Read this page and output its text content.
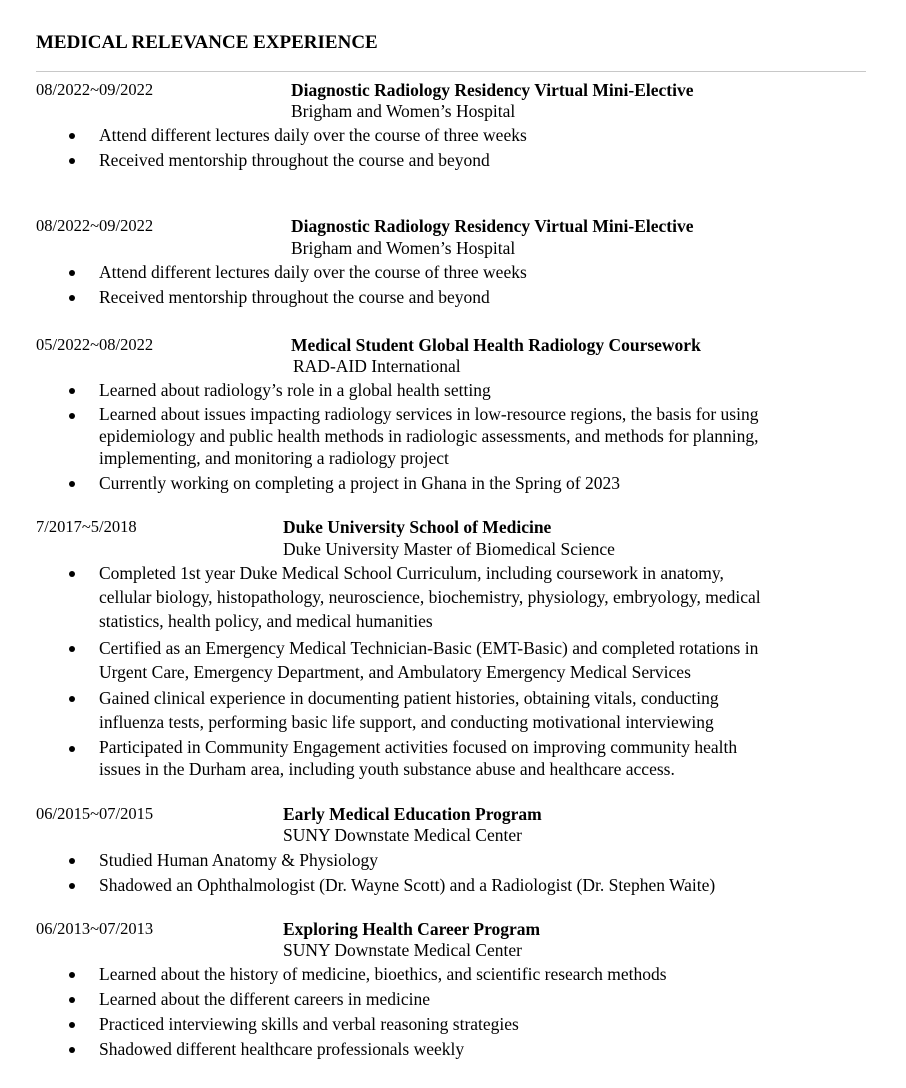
MEDICAL RELEVANCE EXPERIENCE
08/2022~09/2022	Diagnostic Radiology Residency Virtual Mini-Elective
Brigham and Women’s Hospital
Attend different lectures daily over the course of three weeks
Received mentorship throughout the course and beyond
08/2022~09/2022	Diagnostic Radiology Residency Virtual Mini-Elective
Brigham and Women’s Hospital
Attend different lectures daily over the course of three weeks
Received mentorship throughout the course and beyond
05/2022~08/2022	Medical Student Global Health Radiology Coursework
RAD-AID International
Learned about radiology’s role in a global health setting
Learned about issues impacting radiology services in low-resource regions, the basis for using
epidemiology and public health methods in radiologic assessments, and methods for planning,
implementing, and monitoring a radiology project
Currently working on completing a project in Ghana in the Spring of 2023
7/2017~5/2018	Duke University School of Medicine
Duke University Master of Biomedical Science
Completed 1st year Duke Medical School Curriculum, including coursework in anatomy,
cellular biology, histopathology, neuroscience, biochemistry, physiology, embryology, medical
statistics, health policy, and medical humanities
Certified as an Emergency Medical Technician-Basic (EMT-Basic) and completed rotations in
Urgent Care, Emergency Department, and Ambulatory Emergency Medical Services
Gained clinical experience in documenting patient histories, obtaining vitals, conducting
influenza tests, performing basic life support, and conducting motivational interviewing
Participated in Community Engagement activities focused on improving community health
issues in the Durham area, including youth substance abuse and healthcare access.
06/2015~07/2015	Early Medical Education Program
SUNY Downstate Medical Center
Studied Human Anatomy & Physiology
Shadowed an Ophthalmologist (Dr. Wayne Scott) and a Radiologist (Dr. Stephen Waite)
06/2013~07/2013	Exploring Health Career Program
SUNY Downstate Medical Center
Learned about the history of medicine, bioethics, and scientific research methods
Learned about the different careers in medicine
Practiced interviewing skills and verbal reasoning strategies
Shadowed different healthcare professionals weekly
